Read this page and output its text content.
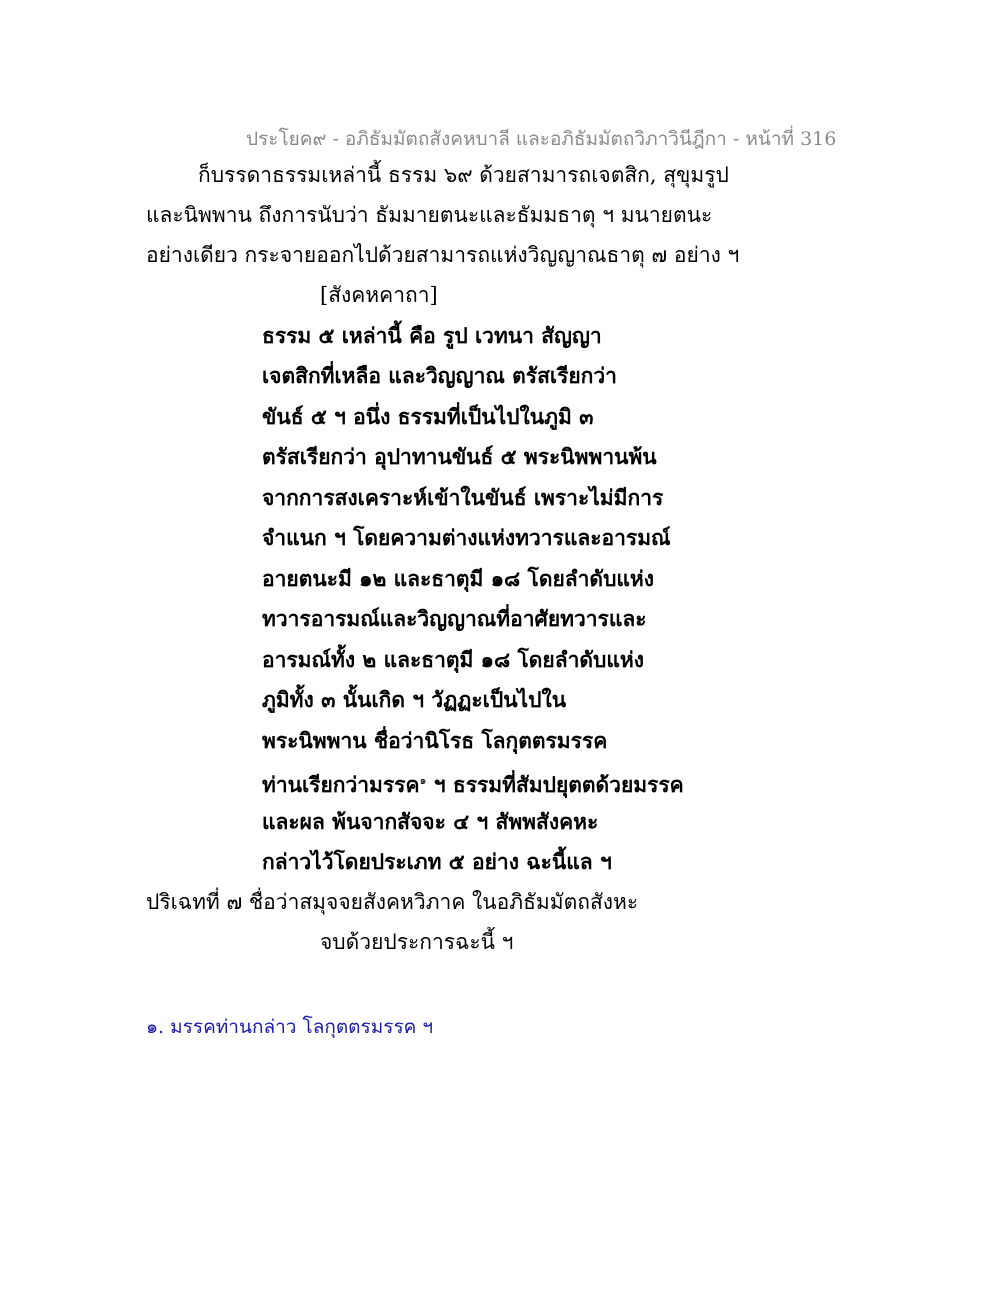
ประโยค๙ - อภิธัมมัตถสังคหบาลี และอภิธัมมัตถวิภาวินีฎีกา - หน้าที่ 316
ก็บรรดาธรรมเหล่านี้ ธรรม ๖๙ ด้วยสามารถเจตสิก, สุขุมรูป
และนิพพาน ถึงการนับว่า ธัมมายตนะและธัมมธาตุ ฯ มนายตนะ
อย่างเดียว กระจายออกไปด้วยสามารถแห่งวิญญาณธาตุ ๗ อย่าง ฯ
[สังคหคาถา]
ธรรม ๕ เหล่านี้ คือ รูป เวทนา สัญญา
เจตสิกที่เหลือ และวิญญาณ ตรัสเรียกว่า
ขันธ์ ๕ ฯ อนึ่ง ธรรมที่เป็นไปในภูมิ ๓
ตรัสเรียกว่า อุปาทานขันธ์ ๕ พระนิพพานพ้น
จากการสงเคราะห์เข้าในขันธ์ เพราะไม่มีการ
จำแนก ฯ โดยความต่างแห่งทวารและอารมณ์
อายตนะมี ๑๒ และธาตุมี ๑๘ โดยลำดับแห่ง
ทวารอารมณ์และวิญญาณที่อาศัยทวารและ
อารมณ์ทั้ง ๒ และธาตุมี ๑๘ โดยลำดับแห่ง
ภูมิทั้ง ๓ นั้นเกิด ฯ วัฏฏะเป็นไปใน
พระนิพพาน ชื่อว่านิโรธ โลกุตตรมรรค
ท่านเรียกว่ามรรค$^๑$ ฯ ธรรมที่สัมปยุตตด้วยมรรค
และผล พ้นจากสัจจะ ๔ ฯ สัพพสังคหะ
กล่าวไว้โดยประเภท ๕ อย่าง ฉะนี้แล ฯ
ปริเฉทที่ ๗ ชื่อว่าสมุจจยสังคหวิภาค ในอภิธัมมัตถสังหะ
จบด้วยประการฉะนี้ ฯ
๑. มรรคท่านกล่าว โลกุตตรมรรค ฯ
